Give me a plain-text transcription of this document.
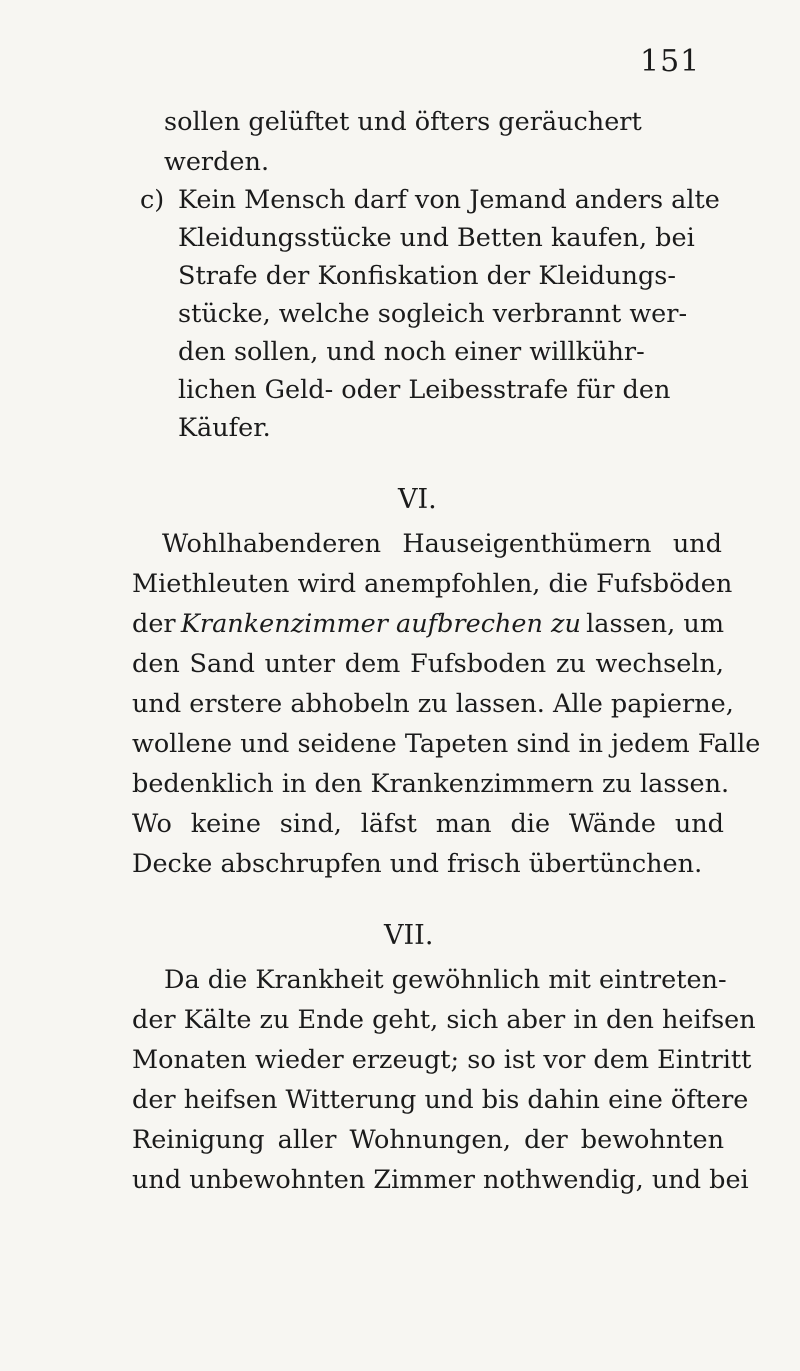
151
sollen gelüftet und öfters geräuchert
werden.
c) Kein Mensch darf von Jemand anders alte
Kleidungsstücke und Betten kaufen, bei
Strafe der Konfiskation der Kleidungs-
stücke, welche sogleich verbrannt wer-
den sollen, und noch einer willkühr-
lichen Geld- oder Leibesstrafe für den
Käufer.
VI.
Wohlhabenderen Hauseigenthümern und
Miethleuten wird anempfohlen, die Fufsböden
der Krankenzimmer aufbrechen zu lassen, um
den Sand unter dem Fufsboden zu wechseln,
und erstere abhobeln zu lassen. Alle papierne,
wollene und seidene Tapeten sind in jedem Falle
bedenklich in den Krankenzimmern zu lassen.
Wo keine sind, läfst man die Wände und
Decke abschrupfen und frisch übertünchen.
VII.
Da die Krankheit gewöhnlich mit eintreten-
der Kälte zu Ende geht, sich aber in den heifsen
Monaten wieder erzeugt; so ist vor dem Eintritt
der heifsen Witterung und bis dahin eine öftere
Reinigung aller Wohnungen, der bewohnten
und unbewohnten Zimmer nothwendig, und bei
